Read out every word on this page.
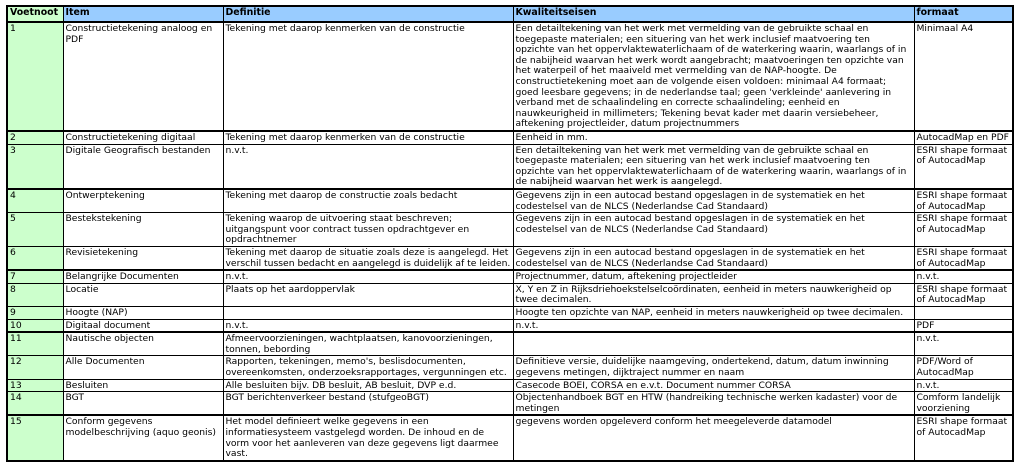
Voetnoot	Item	Definitie	Kwaliteitseisen	formaat
1	Constructietekening analoog en PDF	Tekening met daarop kenmerken van de constructie	Een detailtekening van het werk met vermelding van de gebruikte schaal en toegepaste materialen; een situering van het werk inclusief maatvoering ten opzichte van het oppervlaktewaterlichaam of de waterkering waarin, waarlangs of in de nabijheid waarvan het werk wordt aangebracht; maatvoeringen ten opzichte van het waterpeil of het maaiveld met vermelding van de NAP-hoogte. De constructietekening moet aan de volgende eisen voldoen: minimaal A4 formaat; goed leesbare gegevens; in de nederlandse taal; geen 'verkleinde' aanlevering in verband met de schaalindeling en correcte schaalindeling; eenheid en nauwkeurigheid in millimeters; Tekening bevat kader met daarin versiebeheer, aftekening projectleider, datum projectnummers	Minimaal A4
2	Constructietekening digitaal	Tekening met daarop kenmerken van de constructie	Eenheid in mm.	AutocadMap en PDF
3	Digitale Geografisch bestanden	n.v.t.	Een detailtekening van het werk met vermelding van de gebruikte schaal en toegepaste materialen; een situering van het werk inclusief maatvoering ten opzichte van het oppervlaktewaterlichaam of de waterkering waarin, waarlangs of in de nabijheid waarvan het werk is aangelegd.	ESRI shape formaat of AutocadMap
4	Ontwerptekening	Tekening met daarop de constructie zoals bedacht	Gegevens zijn in een autocad bestand opgeslagen in de systematiek en het codestelsel van de NLCS (Nederlandse Cad Standaard)	ESRI shape formaat of AutocadMap
5	Bestekstekening	Tekening waarop de uitvoering staat beschreven; uitgangspunt voor contract tussen opdrachtgever en opdrachtnemer	Gegevens zijn in een autocad bestand opgeslagen in de systematiek en het codestelsel van de NLCS (Nederlandse Cad Standaard)	ESRI shape formaat of AutocadMap
6	Revisietekening	Tekening met daarop de situatie zoals deze is aangelegd. Het verschil tussen bedacht en aangelegd is duidelijk af te leiden.	Gegevens zijn in een autocad bestand opgeslagen in de systematiek en het codestelsel van de NLCS (Nederlandse Cad Standaard)	ESRI shape formaat of AutocadMap
7	Belangrijke Documenten	n.v.t.	Projectnummer, datum, aftekening projectleider	n.v.t.
8	Locatie	Plaats op het aardoppervlak	X, Y en Z in Rijksdriehoekstelselcoördinaten, eenheid in meters nauwkerigheid op twee decimalen.	ESRI shape formaat of AutocadMap
9	Hoogte (NAP)		Hoogte ten opzichte van NAP, eenheid in meters nauwkerigheid op twee decimalen.	
10	Digitaal document	n.v.t.	n.v.t.	PDF
11	Nautische objecten	Afmeervoorzieningen, wachtplaatsen, kanovoorzieningen, tonnen, bebording		n.v.t.
12	Alle Documenten	Rapporten, tekeningen, memo's, beslisdocumenten, overeenkomsten, onderzoeksrapportages, vergunningen etc.	Definitieve versie, duidelijke naamgeving, ondertekend, datum, datum inwinning gegevens metingen, dijktraject nummer en naam	PDF/Word of AutocadMap
13	Besluiten	Alle besluiten bijv. DB besluit, AB besluit, DVP e.d.	Casecode BOEI, CORSA en e.v.t. Document nummer CORSA	n.v.t.
14	BGT	BGT berichtenverkeer bestand (stufgeoBGT)	Objectenhandboek BGT en HTW (handreiking technische werken kadaster) voor de metingen	Comform landelijk voorziening
15	Conform gegevens modelbeschrijving (aquo geonis)	Het model definieert welke gegevens in een informatiesysteem vastgelegd worden. De inhoud en de vorm voor het aanleveren van deze gegevens ligt daarmee vast.	gegevens worden opgeleverd conform het meegeleverde datamodel	ESRI shape formaat of AutocadMap
